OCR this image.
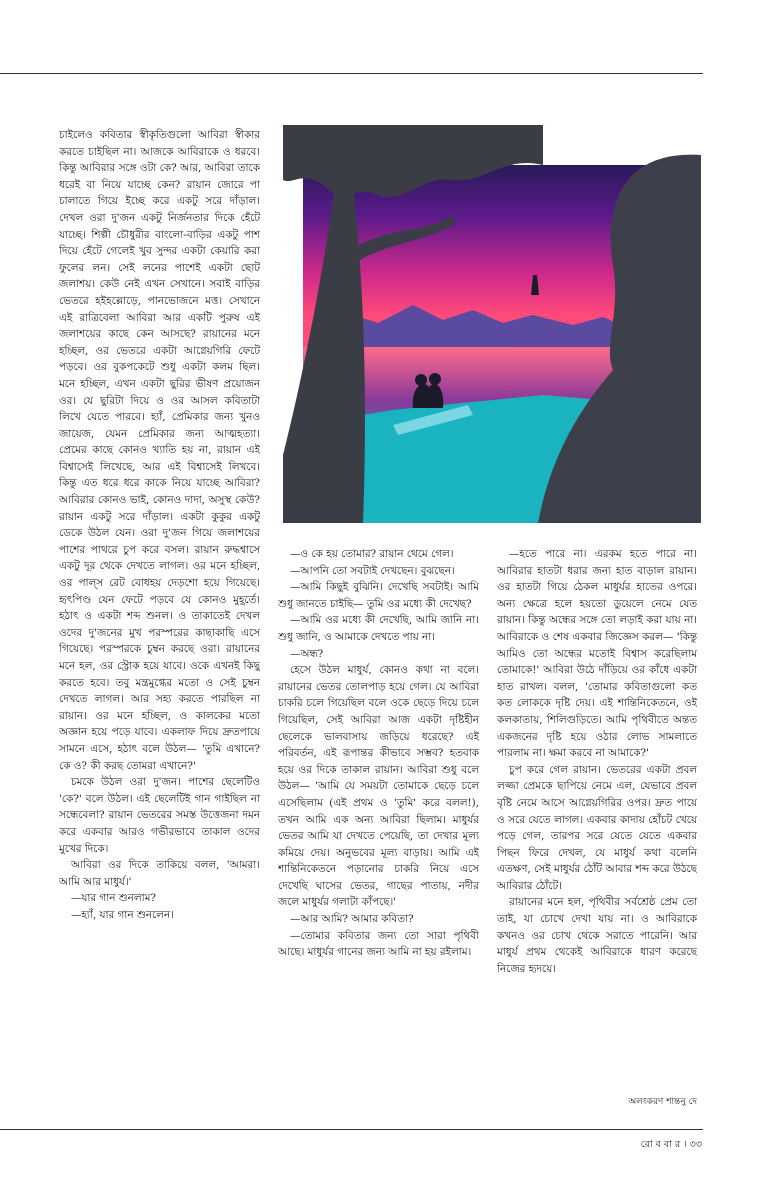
চাইলেও কবিতার স্বীকৃতিগুলো আবিরা স্বীকার করতে চাইছিল না। আজকে আবিরাকে ও ধরবে। কিন্তু আবিরার সঙ্গে ওটা কে? আর, আবিরা তাকে ধরেই বা নিয়ে যাচ্ছে কেন? রায়ান জোরে পা চালাতে গিয়ে ইচ্ছে করে একটু সরে দাঁড়াল। দেখল ওরা দু'জন একটু নির্জনতার দিকে হেঁটে যাচ্ছে। শিল্পী চৌধুরীর বাংলো-বাড়ির একটু পাশ দিয়ে হেঁটে গেলেই খুব সুন্দর একটা কেয়ারি করা ফুলের লন। সেই লনের পাশেই একটা ছোট জলাশয়। কেউ নেই এখন সেখানে। সবাই বাড়ির ভেতরে হইহল্লোড়ে, পানভোজনে মত্ত। সেখানে এই রাত্রিবেলা আবিরা আর একটি পুরুষ এই জলাশয়ের কাছে কেন আসছে? রায়ানের মনে হচ্ছিল, ওর ভেতরে একটা আগ্নেয়গিরি ফেটে পড়বে। ওর বুকপকেটে শুধু একটা কলম ছিল। মনে হচ্ছিল, এখন একটা ছুরির ভীষণ প্রয়োজন ওর। যে ছুরিটা দিয়ে ও ওর আসল কবিতাটা লিখে যেতে পারবে। হ্যাঁ, প্রেমিকার জন্য খুনও জায়েজ, যেমন প্রেমিকার জন্য আত্মহত্যা। প্রেমের কাছে কোনও খ্যাতি হয় না, রায়ান এই বিশ্বাসেই লিখেছে, আর এই বিশ্বাসেই লিখবে। কিন্তু এত ধরে ধরে কাকে নিয়ে যাচ্ছে আবিরা? আবিরার কোনও ভাই, কোনও দাদা, অসুস্থ কেউ? রায়ান একটু সরে দাঁড়াল। একটা কুকুর একটু ডেকে উঠল যেন। ওরা দু'জন গিয়ে জলাশয়ের পাশের পাথরে চুপ করে বসল। রায়ান রুদ্ধশ্বাসে একটু দূর থেকে দেখতে লাগল। ওর মনে হচ্ছিল, ওর পাল্স রেট বোধহয় দেড়শো হয়ে গিয়েছে। হৃৎপিণ্ড যেন ফেটে পড়বে যে কোনও মুহূর্তে। হঠাৎ ও একটা শব্দ শুনল। ও তাকাতেই দেখল ওদের দু'জনের মুখ পরস্পরের কাছাকাছি এসে গিয়েছে। পরস্পরকে চুম্বন করছে ওরা। রায়ানের মনে হল, ওর স্ট্রোক হয়ে যাবে। ওকে এখনই কিছু করতে হবে। তবু মন্ত্রমুগ্ধের মতো ও সেই চুম্বন দেখতে লাগল। আর সহ্য করতে পারছিল না রায়ান। ওর মনে হচ্ছিল, ও কালকের মতো অজ্ঞান হয়ে পড়ে যাবে। একলাফ দিয়ে দ্রুতপায়ে সামনে এসে, হঠাৎ বলে উঠল— 'তুমি এখানে? কে ও? কী করছ তোমরা এখানে?'

চমকে উঠল ওরা দু'জন। পাশের ছেলেটিও 'কে?' বলে উঠল। এই ছেলেটিই গান গাইছিল না সন্ধেবেলা? রায়ান ভেতরের সমস্ত উত্তেজনা দমন করে একবার আরও গভীরভাবে তাকাল ওদের মুখের দিকে।

আবিরা ওর দিকে তাকিয়ে বলল, 'আমরা। আমি আর মাধুর্য।'

—যার গান শুনলাম?

—হ্যাঁ, যার গান শুনলেন।

—ও কে হয় তোমার? রায়ান থেমে গেল।

—আপনি তো সবটাই দেখছেন। বুঝছেন।

—আমি কিছুই বুঝিনি। দেখেছি সবটাই। আমি শুধু জানতে চাইছি— তুমি ওর মধ্যে কী দেখেছ?

—আমি ওর মধ্যে কী দেখেছি, আমি জানি না। শুধু জানি, ও আমাকে দেখতে পায় না।

—অন্ধ?

হেসে উঠল মাধুর্য, কোনও কথা না বলে। রায়ানের ভেতর তোলপাড় হয়ে গেল। যে আবিরা চাকরি চলে গিয়েছিল বলে ওকে ছেড়ে দিয়ে চলে গিয়েছিল, সেই আবিরা আজ একটা দৃষ্টিহীন ছেলেকে ভালবাসায় জড়িয়ে ধরেছে? এই পরিবর্তন, এই রূপান্তর কীভাবে সম্ভব? হতবাক হয়ে ওর দিকে তাকাল রায়ান। আবিরা শুধু বলে উঠল— 'আমি যে সময়টা তোমাকে ছেড়ে চলে এসেছিলাম (এই প্রথম ও 'তুমি' করে বলল!), তখন আমি এক অন্য আবিরা ছিলাম। মাধুর্যর ভেতর আমি যা দেখতে পেয়েছি, তা দেখার মূল্য কমিয়ে দেয়। অনুভবের মূল্য বাড়ায়। আমি এই শান্তিনিকেতনে পড়ানোর চাকরি নিয়ে এসে দেখেছি ঘাসের ভেতর, গাছের পাতায়, নদীর জলে মাধুর্যর গলাটা কাঁপছে।'

—আর আমি? আমার কবিতা?

—তোমার কবিতার জন্য তো সারা পৃথিবী আছে। মাধুর্যর গানের জন্য আমি না হয় রইলাম।

—হতে পারে না। এরকম হতে পারে না। আবিরার হাতটা ধরার জন্য হাত বাড়াল রায়ান। ওর হাতটা গিয়ে ঠেকল মাধুর্যর হাতের ওপরে। অন্য ক্ষেত্রে হলে হয়তো ডুয়েলে নেমে যেত রায়ান। কিন্তু অন্ধের সঙ্গে তো লড়াই করা যায় না। আবিরাকে ও শেষ একবার জিজ্ঞেস করল— 'কিন্তু আমিও তো অন্ধের মতোই বিশ্বাস করেছিলাম তোমাকে!' আবিরা উঠে দাঁড়িয়ে ওর কাঁধে একটা হাত রাখল। বলল, 'তোমার কবিতাগুলো কত কত লোককে দৃষ্টি দেয়। এই শান্তিনিকেতনে, ওই কলকাতায়, শিলিগুড়িতে। আমি পৃথিবীতে অন্তত একজনের দৃষ্টি হয়ে ওঠার লোভ সামলাতে পারলাম না। ক্ষমা করবে না আমাকে?'

চুপ করে গেল রায়ান। ভেতরের একটা প্রবল লজ্জা প্রেমকে ছাপিয়ে নেমে এল, যেভাবে প্রবল বৃষ্টি নেমে আসে আগ্নেয়গিরির ওপর। দ্রুত পায়ে ও সরে যেতে লাগল। একবার কাদায় হোঁচট খেয়ে পড়ে গেল, তারপর সরে যেতে যেতে একবার পিছন ফিরে দেখল, যে মাধুর্য কথা বলেনি এতক্ষণ, সেই মাধুর্যর ঠোঁট আবার শব্দ করে উঠছে আবিরার ঠোঁটে।

রায়ানের মনে হল, পৃথিবীর সর্বশ্রেষ্ঠ প্রেম তো তাই, যা চোখে দেখা যায় না। ও আবিরাকে কখনও ওর চোখ থেকে সরাতে পারেনি। আর মাধুর্য প্রথম থেকেই আবিরাকে ধারণ করেছে নিজের হৃদয়ে।

অলংকরণ শান্তনু দে
রো ব বা র । ৩৩
